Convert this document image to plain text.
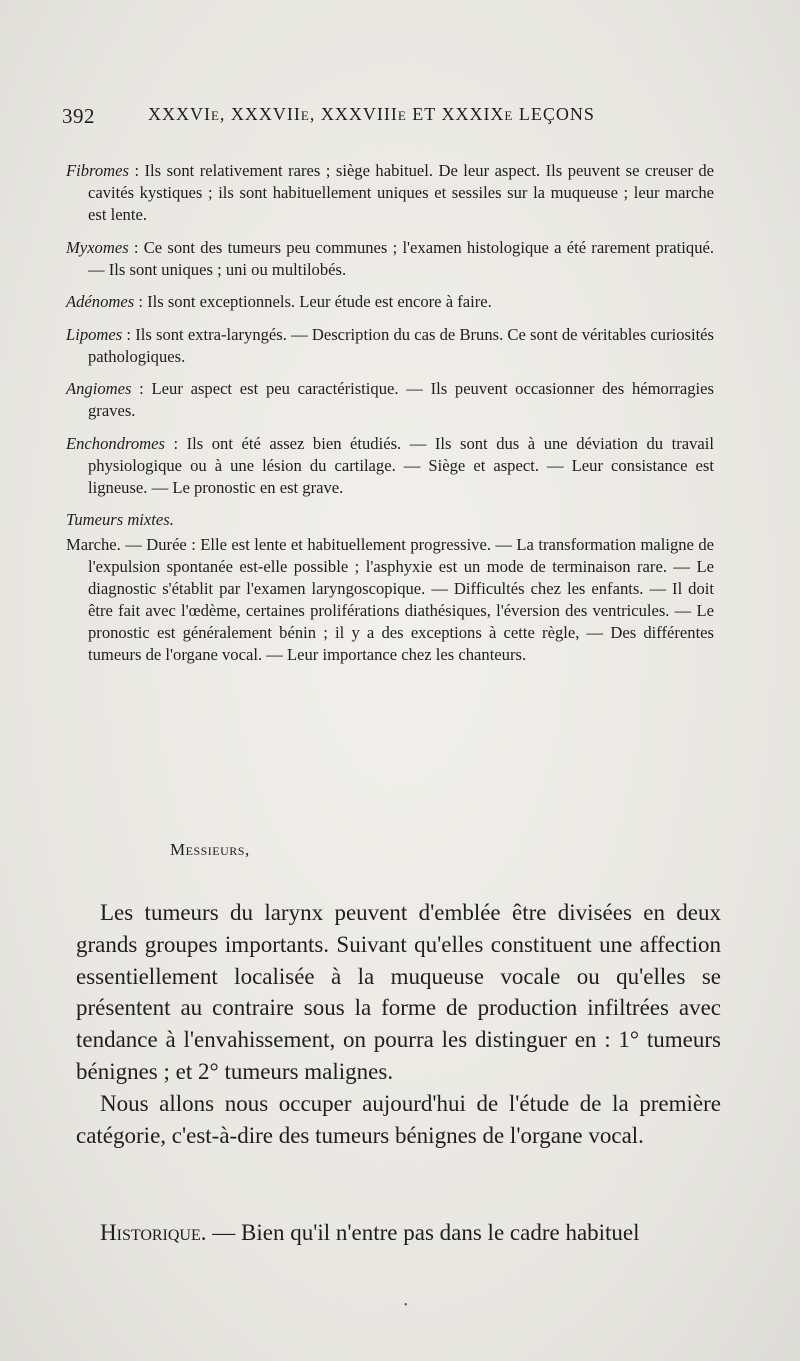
392	XXXVIe, XXXVIIe, XXXVIIIe ET XXXIXe LEÇONS

Fibromes : Ils sont relativement rares ; siège habituel. De leur aspect. Ils peuvent se creuser de cavités kystiques ; ils sont habituellement uniques et sessiles sur la muqueuse ; leur marche est lente.

Myxomes : Ce sont des tumeurs peu communes ; l'examen histologique a été rarement pratiqué. — Ils sont uniques ; uni ou multilobés.

Adénomes : Ils sont exceptionnels. Leur étude est encore à faire.

Lipomes : Ils sont extra-laryngés. — Description du cas de Bruns. Ce sont de véritables curiosités pathologiques.

Angiomes : Leur aspect est peu caractéristique. — Ils peuvent occasionner des hémorragies graves.

Enchondromes : Ils ont été assez bien étudiés. — Ils sont dus à une déviation du travail physiologique ou à une lésion du cartilage. — Siège et aspect. — Leur consistance est ligneuse. — Le pronostic en est grave.

Tumeurs mixtes.

Marche. — Durée : Elle est lente et habituellement progressive. — La transformation maligne de l'expulsion spontanée est-elle possible ; l'asphyxie est un mode de terminaison rare. — Le diagnostic s'établit par l'examen laryngoscopique. — Difficultés chez les enfants. — Il doit être fait avec l'œdème, certaines proliférations diathésiques, l'éversion des ventricules. — Le pronostic est généralement bénin ; il y a des exceptions à cette règle, — Des différentes tumeurs de l'organe vocal. — Leur importance chez les chanteurs.

Messieurs,

Les tumeurs du larynx peuvent d'emblée être divisées en deux grands groupes importants. Suivant qu'elles constituent une affection essentiellement localisée à la muqueuse vocale ou qu'elles se présentent au contraire sous la forme de production infiltrées avec tendance à l'envahissement, on pourra les distinguer en : 1° tumeurs bénignes ; et 2° tumeurs malignes.

Nous allons nous occuper aujourd'hui de l'étude de la première catégorie, c'est-à-dire des tumeurs bénignes de l'organe vocal.

Historique. — Bien qu'il n'entre pas dans le cadre habituel
•
